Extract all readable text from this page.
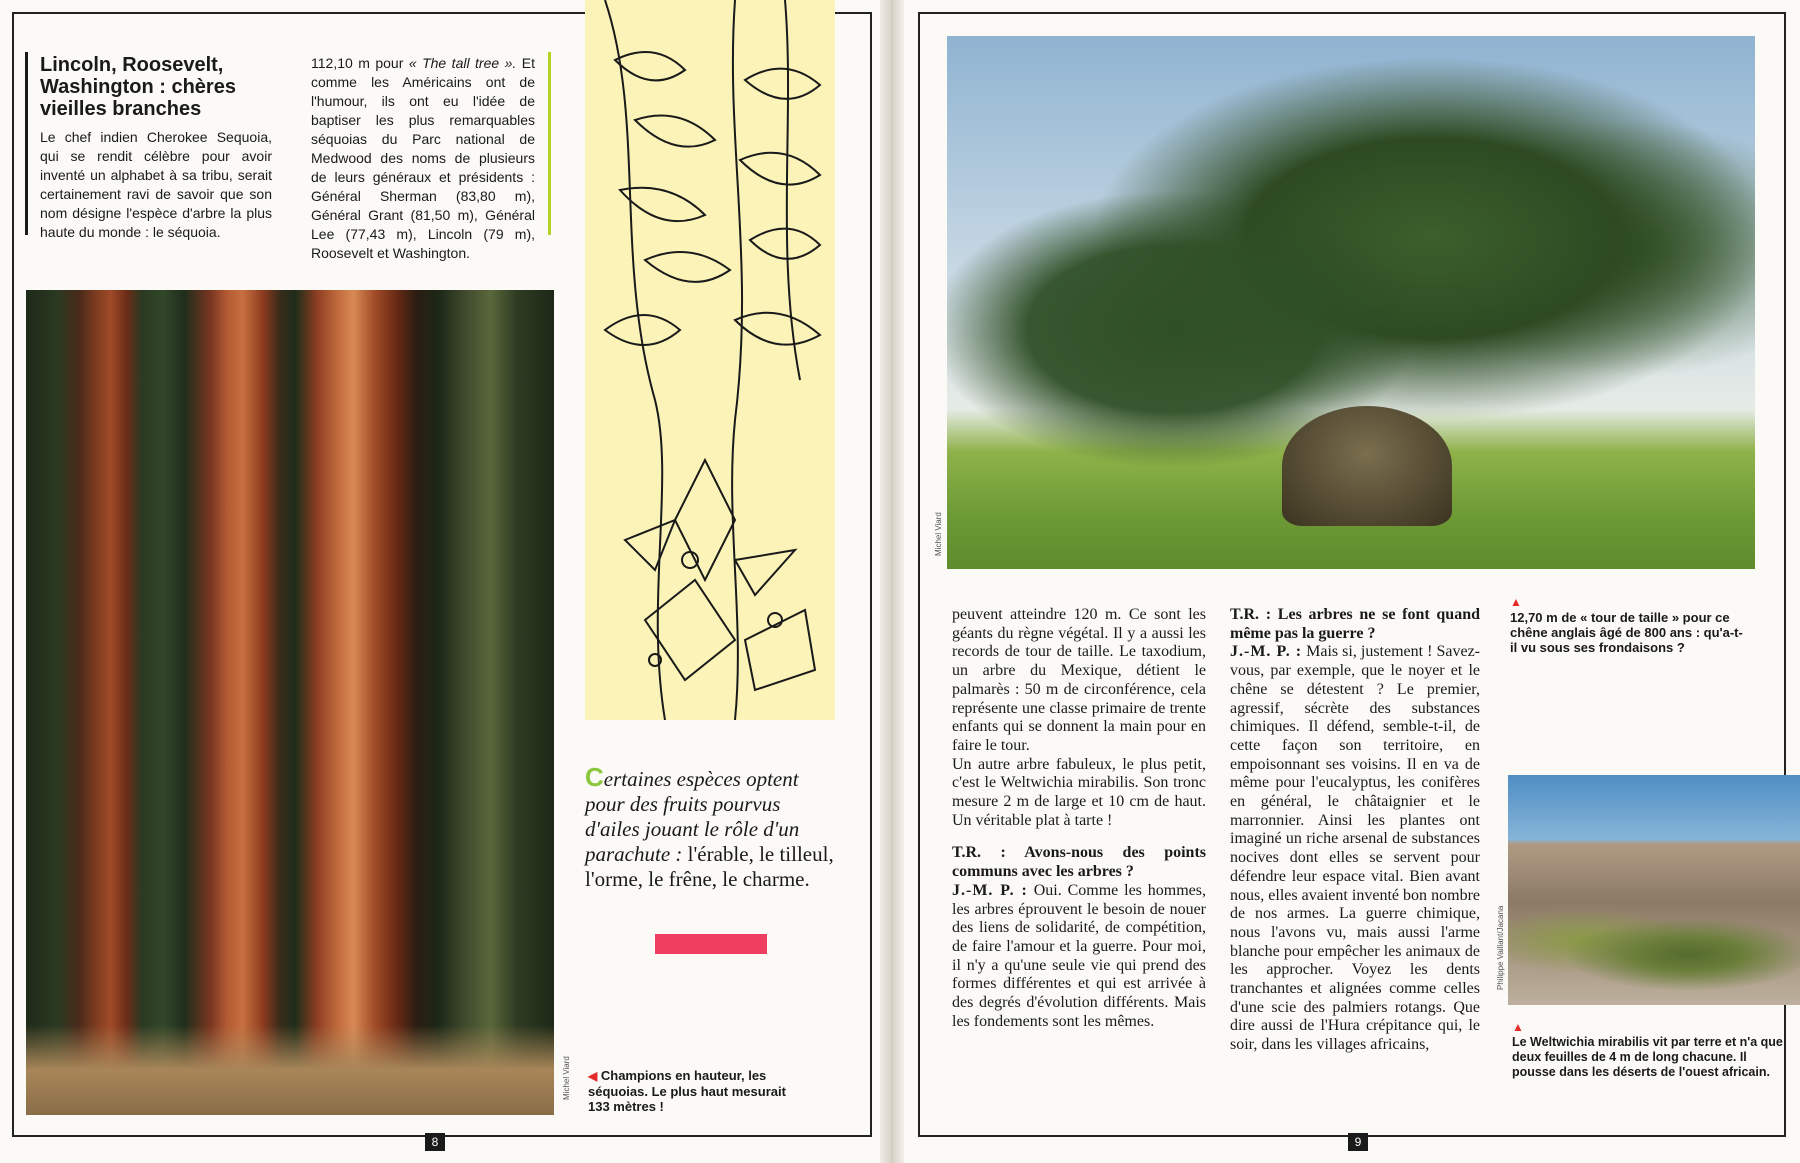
Lincoln, Roosevelt, Washington : chères vieilles branches
Le chef indien Cherokee Sequoia, qui se rendit célèbre pour avoir inventé un alphabet à sa tribu, serait certainement ravi de savoir que son nom désigne l'espèce d'arbre la plus haute du monde : le séquoia.
112,10 m pour « The tall tree ». Et comme les Américains ont de l'humour, ils ont eu l'idée de baptiser les plus remarquables séquoias du Parc national de Medwood des noms de plusieurs de leurs généraux et présidents : Général Sherman (83,80 m), Général Grant (81,50 m), Général Lee (77,43 m), Lincoln (79 m), Roosevelt et Washington.
Certaines espèces optent pour des fruits pourvus d'ailes jouant le rôle d'un parachute : l'érable, le tilleul, l'orme, le frêne, le charme.
Michel Viard ◀ Champions en hauteur, les séquoias. Le plus haut mesurait 133 mètres !
8
Michel Viard

peuvent atteindre 120 m. Ce sont les géants du règne végétal. Il y a aussi les records de tour de taille. Le taxodium, un arbre du Mexique, détient le palmarès : 50 m de circonférence, cela représente une classe primaire de trente enfants qui se donnent la main pour en faire le tour.

Un autre arbre fabuleux, le plus petit, c'est le Weltwichia mirabilis. Son tronc mesure 2 m de large et 10 cm de haut. Un véritable plat à tarte !

T.R. : Avons-nous des points communs avec les arbres ?

J.-M. P. : Oui. Comme les hommes, les arbres éprouvent le besoin de nouer des liens de solidarité, de compétition, de faire l'amour et la guerre. Pour moi, il n'y a qu'une seule vie qui prend des formes différentes et qui est arrivée à des degrés d'évolution différents. Mais les fondements sont les mêmes.

T.R. : Les arbres ne se font quand même pas la guerre ?

J.-M. P. : Mais si, justement ! Savez-vous, par exemple, que le noyer et le chêne se détestent ? Le premier, agressif, sécrète des substances chimiques. Il défend, semble-t-il, de cette façon son territoire, en empoisonnant ses voisins. Il en va de même pour l'eucalyptus, les conifères en général, le châtaignier et le marronnier. Ainsi les plantes ont imaginé un riche arsenal de substances nocives dont elles se servent pour défendre leur espace vital. Bien avant nous, elles avaient inventé bon nombre de nos armes. La guerre chimique, nous l'avons vu, mais aussi l'arme blanche pour empêcher les animaux de les approcher. Voyez les dents tranchantes et alignées comme celles d'une scie des palmiers rotangs. Que dire aussi de l'Hura crépitance qui, le soir, dans les villages africains,

▲
12,70 m de « tour de taille » pour ce chêne anglais âgé de 800 ans : qu'a-t-il vu sous ses frondaisons ?
Philippe Vaillant/Jacana
▲
Le Weltwichia mirabilis vit par terre et n'a que deux feuilles de 4 m de long chacune. Il pousse dans les déserts de l'ouest africain.
9
